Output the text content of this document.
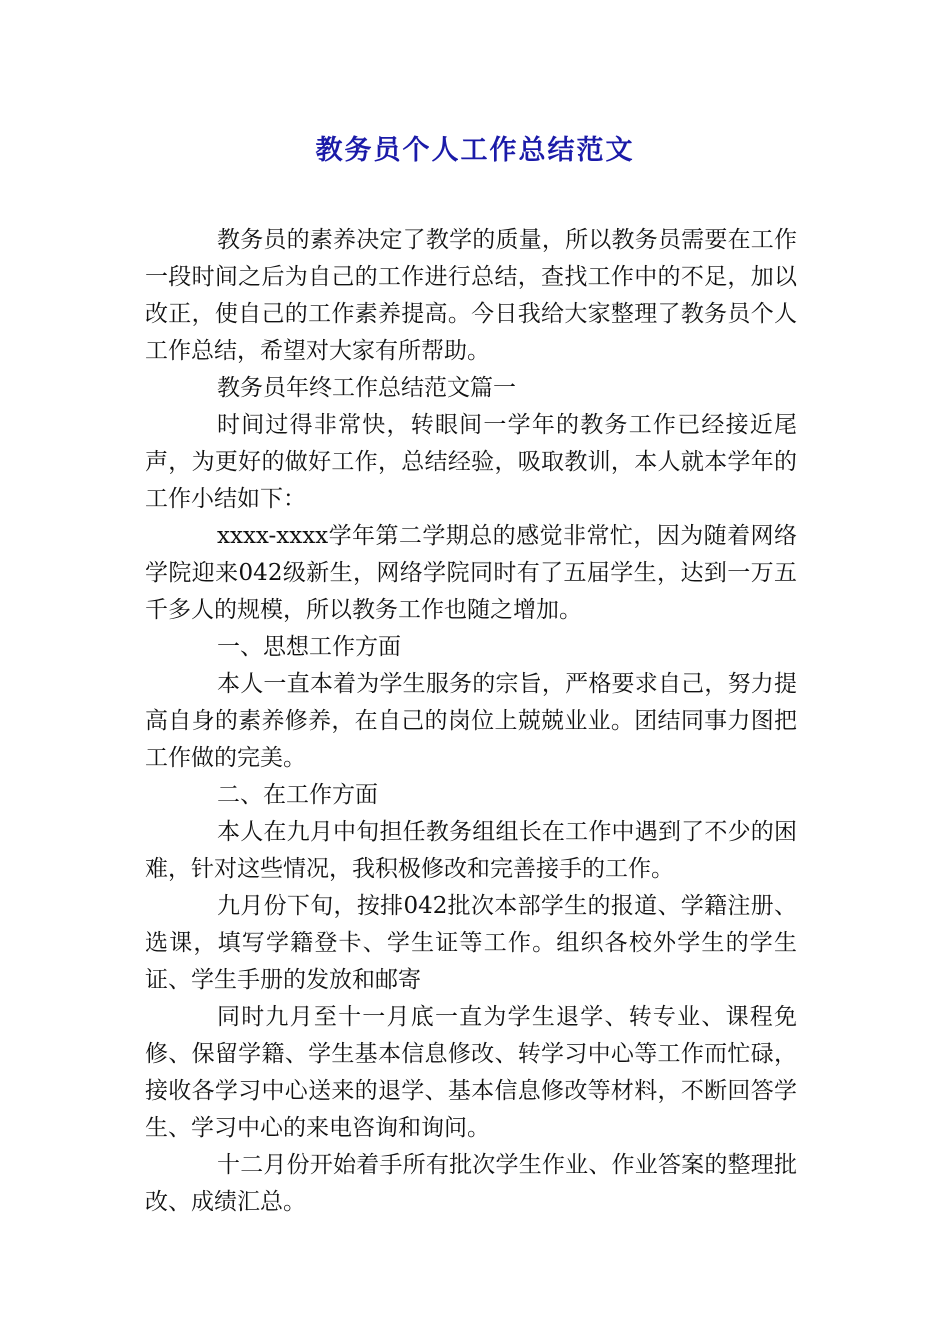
教务员个人工作总结范文

教务员的素养决定了教学的质量，所以教务员需要在工作一段时间之后为自己的工作进行总结，查找工作中的不足，加以改正，使自己的工作素养提高。今日我给大家整理了教务员个人工作总结，希望对大家有所帮助。

教务员年终工作总结范文篇一

时间过得非常快，转眼间一学年的教务工作已经接近尾声，为更好的做好工作，总结经验，吸取教训，本人就本学年的工作小结如下：

xxxx-xxxx学年第二学期总的感觉非常忙，因为随着网络学院迎来042级新生，网络学院同时有了五届学生，达到一万五千多人的规模，所以教务工作也随之增加。

一、思想工作方面

本人一直本着为学生服务的宗旨，严格要求自己，努力提高自身的素养修养，在自己的岗位上兢兢业业。团结同事力图把工作做的完美。

二、在工作方面

本人在九月中旬担任教务组组长在工作中遇到了不少的困难，针对这些情况，我积极修改和完善接手的工作。

九月份下旬，按排042批次本部学生的报道、学籍注册、选课，填写学籍登卡、学生证等工作。组织各校外学生的学生证、学生手册的发放和邮寄

同时九月至十一月底一直为学生退学、转专业、课程免修、保留学籍、学生基本信息修改、转学习中心等工作而忙碌，接收各学习中心送来的退学、基本信息修改等材料，不断回答学生、学习中心的来电咨询和询问。

十二月份开始着手所有批次学生作业、作业答案的整理批改、成绩汇总。
